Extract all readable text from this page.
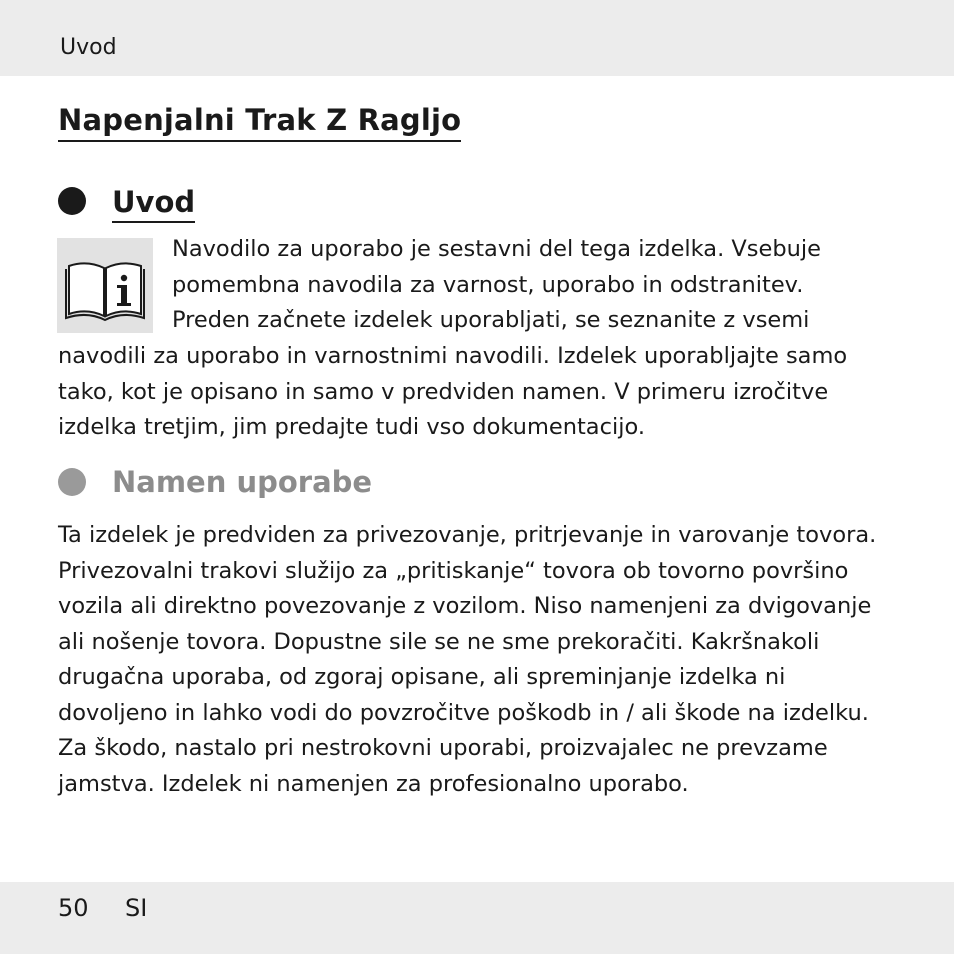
Uvod
Napenjalni Trak Z Ragljo
Uvod

Navodilo za uporabo je sestavni del tega izdelka. Vsebuje
pomembna navodila za varnost, uporabo in odstranitev.
Preden začnete izdelek uporabljati, se seznanite z vsemi

navodili za uporabo in varnostnimi navodili. Izdelek uporabljajte samo
tako, kot je opisano in samo v predviden namen. V primeru izročitve
izdelka tretjim, jim predajte tudi vso dokumentacijo.

Namen uporabe

Ta izdelek je predviden za privezovanje, pritrjevanje in varovanje tovora.
Privezovalni trakovi služijo za „pritiskanje“ tovora ob tovorno površino
vozila ali direktno povezovanje z vozilom. Niso namenjeni za dvigovanje
ali nošenje tovora. Dopustne sile se ne sme prekoračiti. Kakršnakoli
drugačna uporaba, od zgoraj opisane, ali spreminjanje izdelka ni
dovoljeno in lahko vodi do povzročitve poškodb in / ali škode na izdelku.
Za škodo, nastalo pri nestrokovni uporabi, proizvajalec ne prevzame
jamstva. Izdelek ni namenjen za profesionalno uporabo.

50 SI
